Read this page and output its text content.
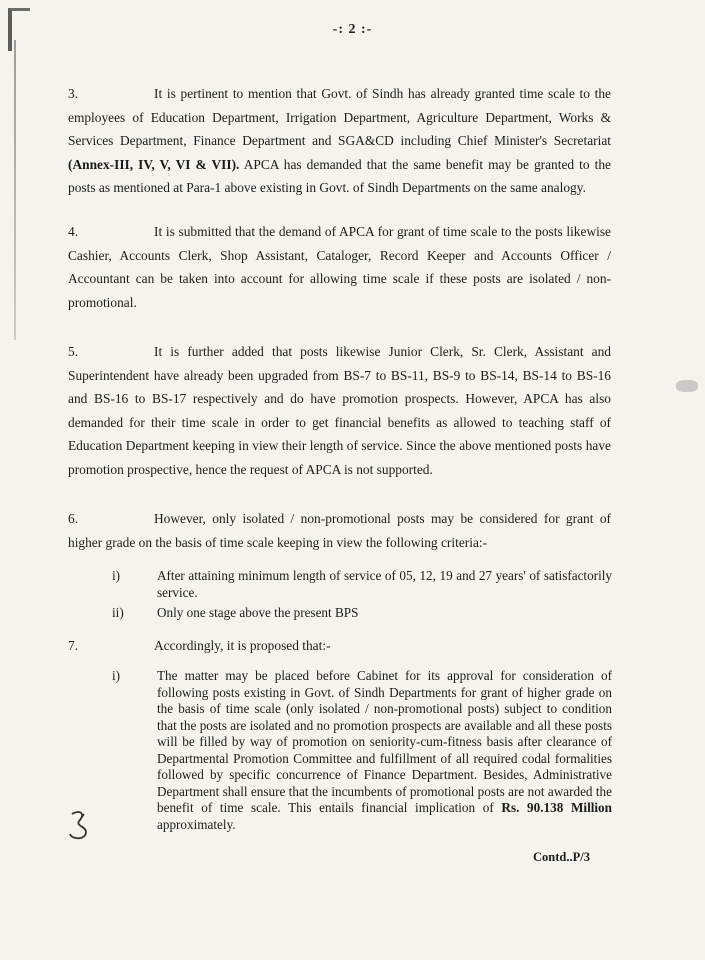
-: 2 :-
3.	It is pertinent to mention that Govt. of Sindh has already granted time scale to the employees of Education Department, Irrigation Department, Agriculture Department, Works & Services Department, Finance Department and SGA&CD including Chief Minister's Secretariat (Annex-III, IV, V, VI & VII). APCA has demanded that the same benefit may be granted to the posts as mentioned at Para-1 above existing in Govt. of Sindh Departments on the same analogy.
4.	It is submitted that the demand of APCA for grant of time scale to the posts likewise Cashier, Accounts Clerk, Shop Assistant, Cataloger, Record Keeper and Accounts Officer / Accountant can be taken into account for allowing time scale if these posts are isolated / non-promotional.
5.	It is further added that posts likewise Junior Clerk, Sr. Clerk, Assistant and Superintendent have already been upgraded from BS-7 to BS-11, BS-9 to BS-14, BS-14 to BS-16 and BS-16 to BS-17 respectively and do have promotion prospects. However, APCA has also demanded for their time scale in order to get financial benefits as allowed to teaching staff of Education Department keeping in view their length of service. Since the above mentioned posts have promotion prospective, hence the request of APCA is not supported.
6.	However, only isolated / non-promotional posts may be considered for grant of higher grade on the basis of time scale keeping in view the following criteria:-
i)	After attaining minimum length of service of 05, 12, 19 and 27 years' of satisfactorily service.
ii)	Only one stage above the present BPS
7.	Accordingly, it is proposed that:-
i)	The matter may be placed before Cabinet for its approval for consideration of following posts existing in Govt. of Sindh Departments for grant of higher grade on the basis of time scale (only isolated / non-promotional posts) subject to condition that the posts are isolated and no promotion prospects are available and all these posts will be filled by way of promotion on seniority-cum-fitness basis after clearance of Departmental Promotion Committee and fulfillment of all required codal formalities followed by specific concurrence of Finance Department. Besides, Administrative Department shall ensure that the incumbents of promotional posts are not awarded the benefit of time scale. This entails financial implication of Rs. 90.138 Million approximately.
Contd..P/3
